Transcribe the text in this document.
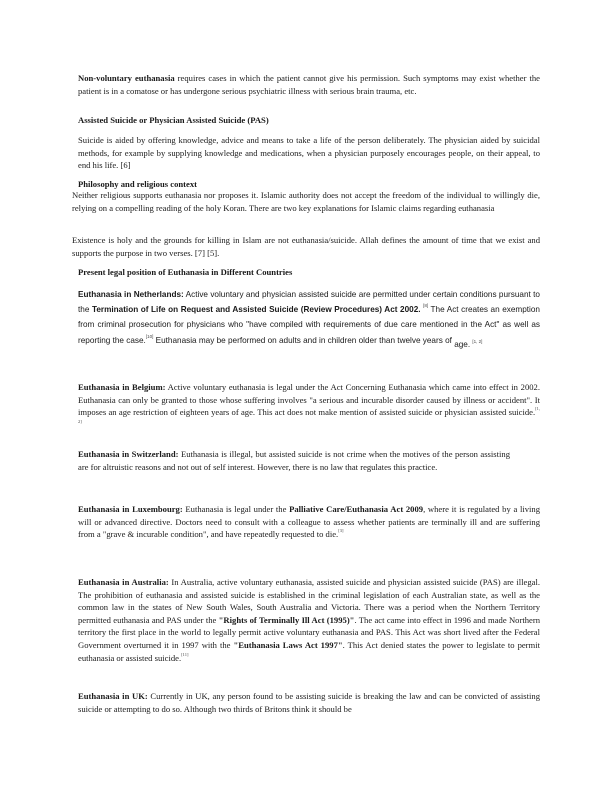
Non-voluntary euthanasia requires cases in which the patient cannot give his permission. Such symptoms may exist whether the patient is in a comatose or has undergone serious psychiatric illness with serious brain trauma, etc.

Assisted Suicide or Physician Assisted Suicide (PAS)

Suicide is aided by offering knowledge, advice and means to take a life of the person deliberately. The physician aided by suicidal methods, for example by supplying knowledge and medications, when a physician purposely encourages people, on their appeal, to end his life. [6]

Philosophy and religious context

Neither religious supports euthanasia nor proposes it. Islamic authority does not accept the freedom of the individual to willingly die, relying on a compelling reading of the holy Koran. There are two key explanations for Islamic claims regarding euthanasia

Existence is holy and the grounds for killing in Islam are not euthanasia/suicide. Allah defines the amount of time that we exist and supports the purpose in two verses. [7] [5].

Present legal position of Euthanasia in Different Countries

Euthanasia in Netherlands: Active voluntary and physician assisted suicide are permitted under certain conditions pursuant to the Termination of Life on Request and Assisted Suicide (Review Procedures) Act 2002. [8] The Act creates an exemption from criminal prosecution for physicians who "have compiled with requirements of due care mentioned in the Act" as well as reporting the case.[10] Euthanasia may be performed on adults and in children older than twelve years of age. [1, 2]

Euthanasia in Belgium: Active voluntary euthanasia is legal under the Act Concerning Euthanasia which came into effect in 2002. Euthanasia can only be granted to those whose suffering involves "a serious and incurable disorder caused by illness or accident". It imposes an age restriction of eighteen years of age. This act does not make mention of assisted suicide or physician assisted suicide.[1, 2]

Euthanasia in Switzerland: Euthanasia is illegal, but assisted suicide is not crime when the motives of the person assisting are for altruistic reasons and not out of self interest. However, there is no law that regulates this practice.

Euthanasia in Luxembourg: Euthanasia is legal under the Palliative Care/Euthanasia Act 2009, where it is regulated by a living will or advanced directive. Doctors need to consult with a colleague to assess whether patients are terminally ill and are suffering from a "grave & incurable condition", and have repeatedly requested to die.[3]

Euthanasia in Australia: In Australia, active voluntary euthanasia, assisted suicide and physician assisted suicide (PAS) are illegal. The prohibition of euthanasia and assisted suicide is established in the criminal legislation of each Australian state, as well as the common law in the states of New South Wales, South Australia and Victoria. There was a period when the Northern Territory permitted euthanasia and PAS under the "Rights of Terminally Ill Act (1995)". The act came into effect in 1996 and made Northern territory the first place in the world to legally permit active voluntary euthanasia and PAS. This Act was short lived after the Federal Government overturned it in 1997 with the "Euthanasia Laws Act 1997". This Act denied states the power to legislate to permit euthanasia or assisted suicide.[11]

Euthanasia in UK: Currently in UK, any person found to be assisting suicide is breaking the law and can be convicted of assisting suicide or attempting to do so. Although two thirds of Britons think it should be
